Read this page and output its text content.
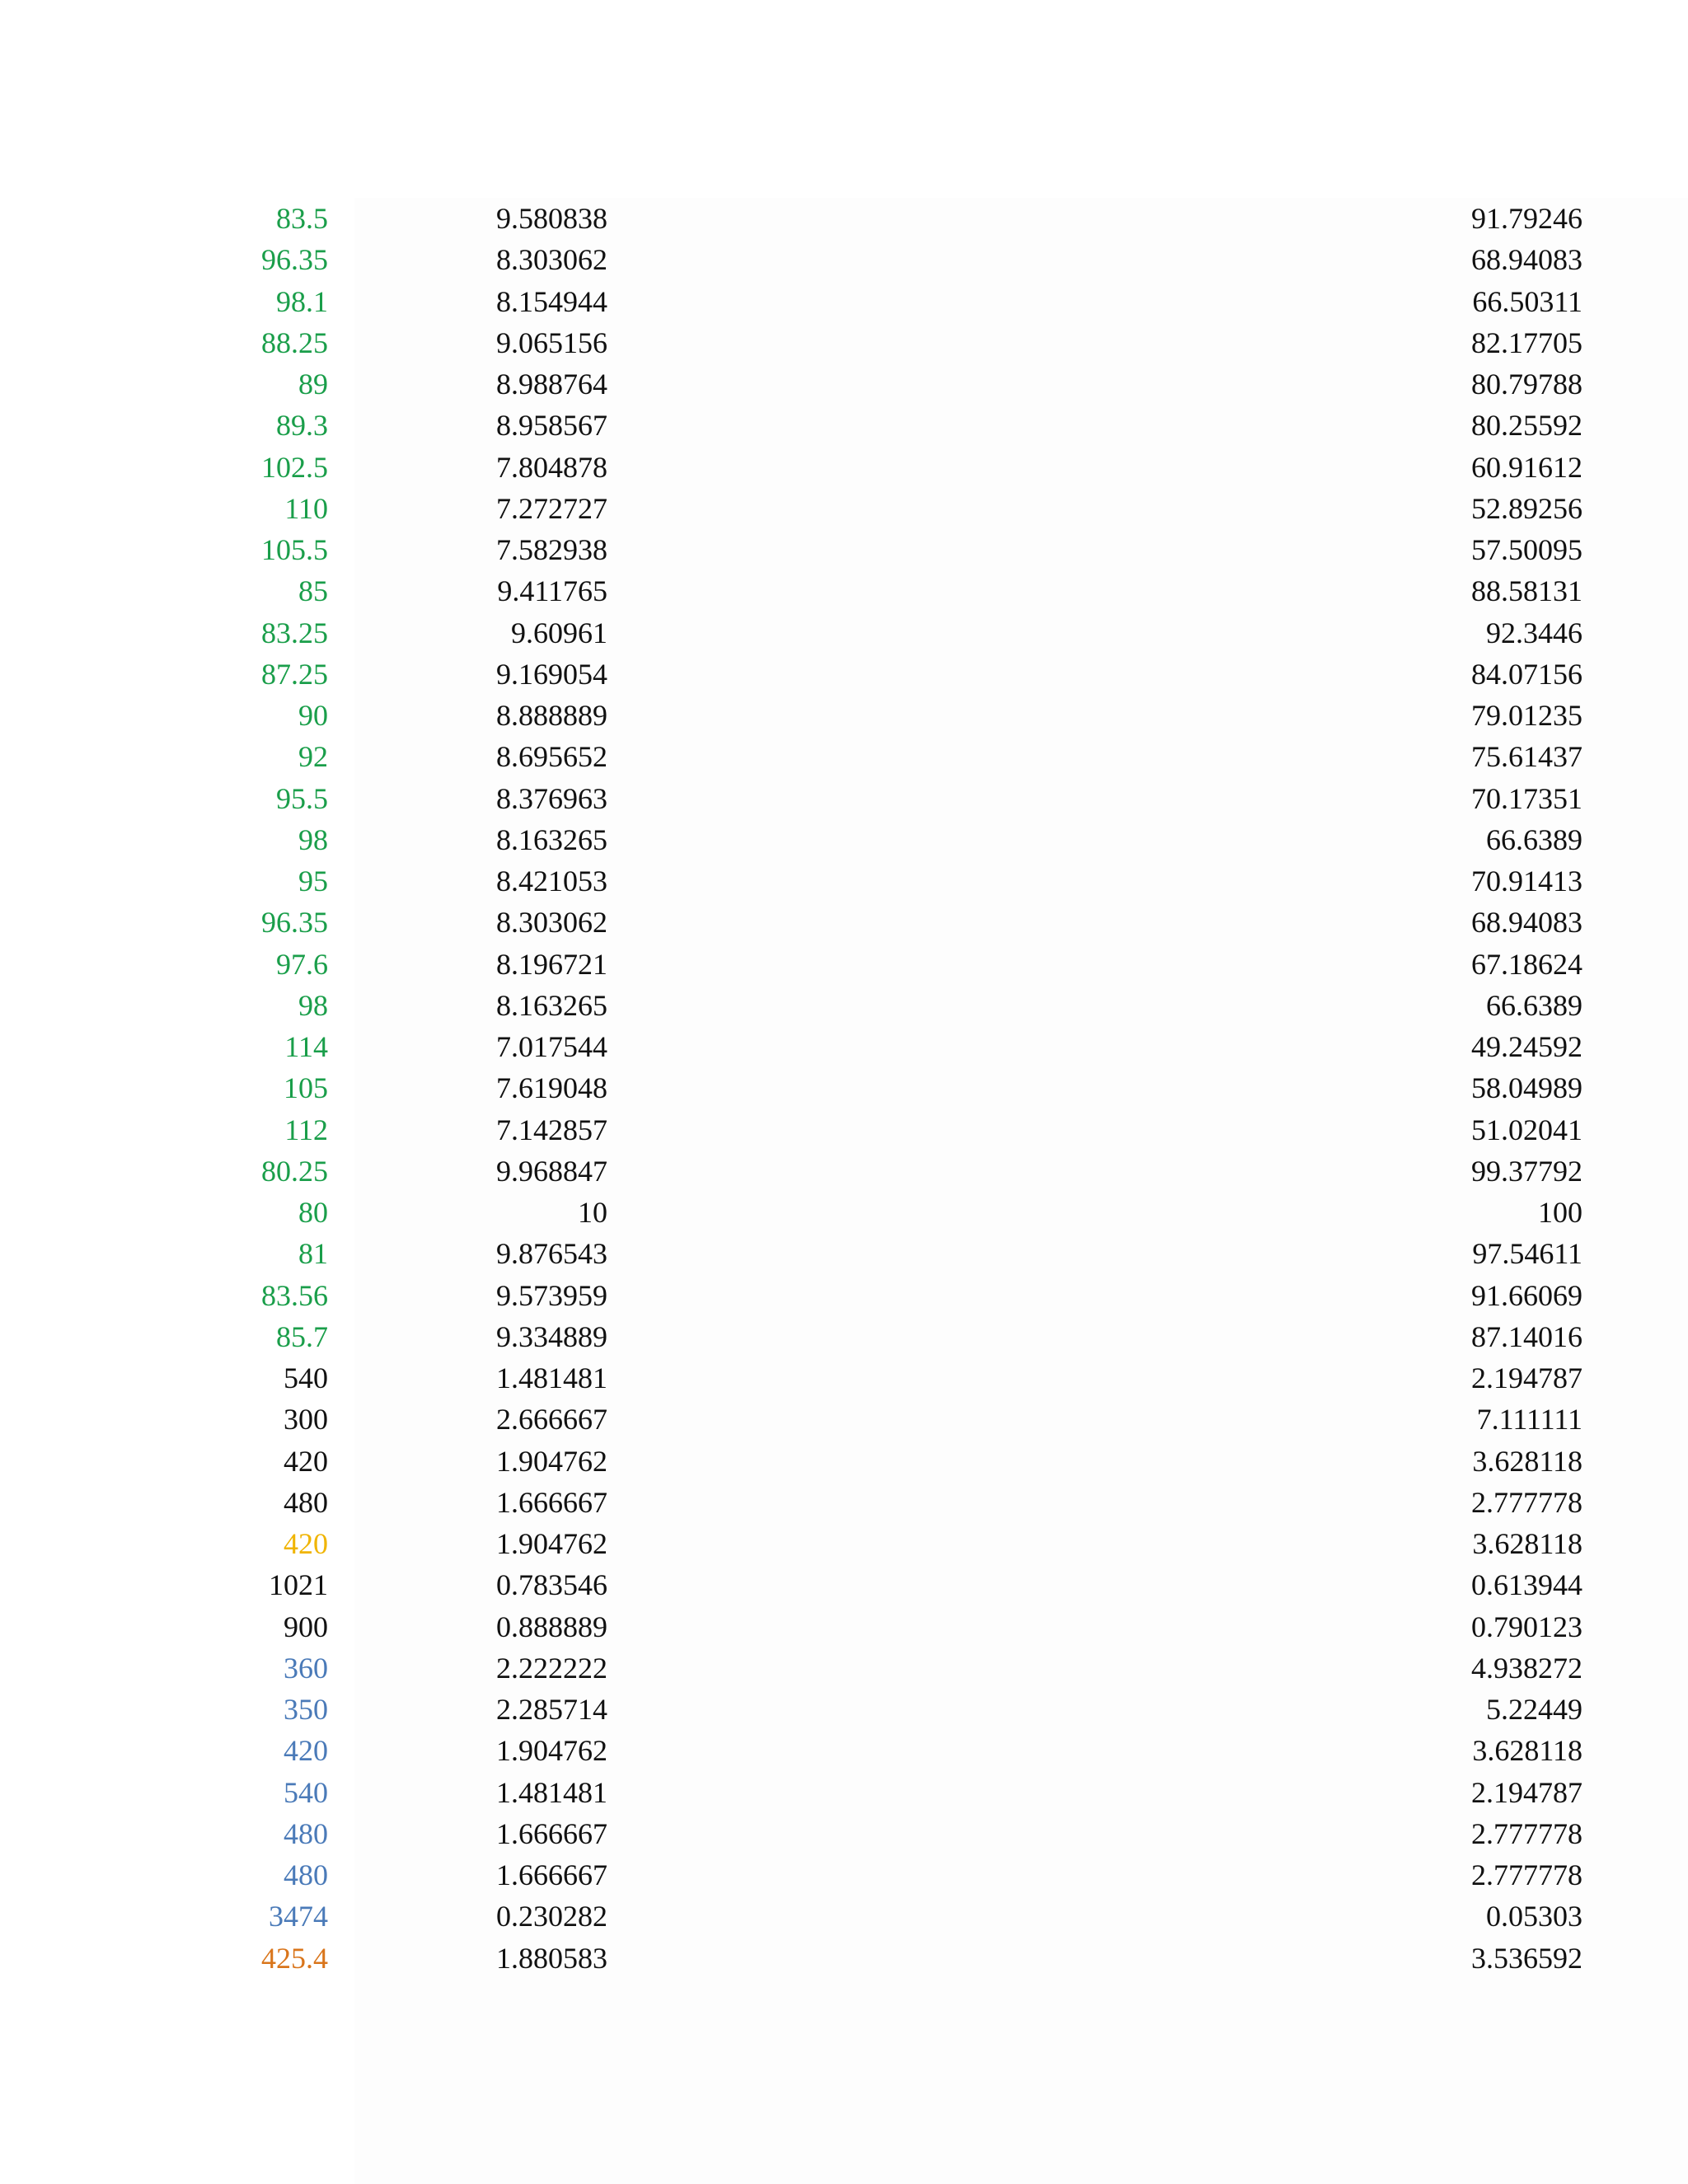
83.5	9.580838	91.79246
96.35	8.303062	68.94083
98.1	8.154944	66.50311
88.25	9.065156	82.17705
89	8.988764	80.79788
89.3	8.958567	80.25592
102.5	7.804878	60.91612
110	7.272727	52.89256
105.5	7.582938	57.50095
85	9.411765	88.58131
83.25	9.60961	92.3446
87.25	9.169054	84.07156
90	8.888889	79.01235
92	8.695652	75.61437
95.5	8.376963	70.17351
98	8.163265	66.6389
95	8.421053	70.91413
96.35	8.303062	68.94083
97.6	8.196721	67.18624
98	8.163265	66.6389
114	7.017544	49.24592
105	7.619048	58.04989
112	7.142857	51.02041
80.25	9.968847	99.37792
80	10	100
81	9.876543	97.54611
83.56	9.573959	91.66069
85.7	9.334889	87.14016
540	1.481481	2.194787
300	2.666667	7.111111
420	1.904762	3.628118
480	1.666667	2.777778
420	1.904762	3.628118
1021	0.783546	0.613944
900	0.888889	0.790123
360	2.222222	4.938272
350	2.285714	5.22449
420	1.904762	3.628118
540	1.481481	2.194787
480	1.666667	2.777778
480	1.666667	2.777778
3474	0.230282	0.05303
425.4	1.880583	3.536592
